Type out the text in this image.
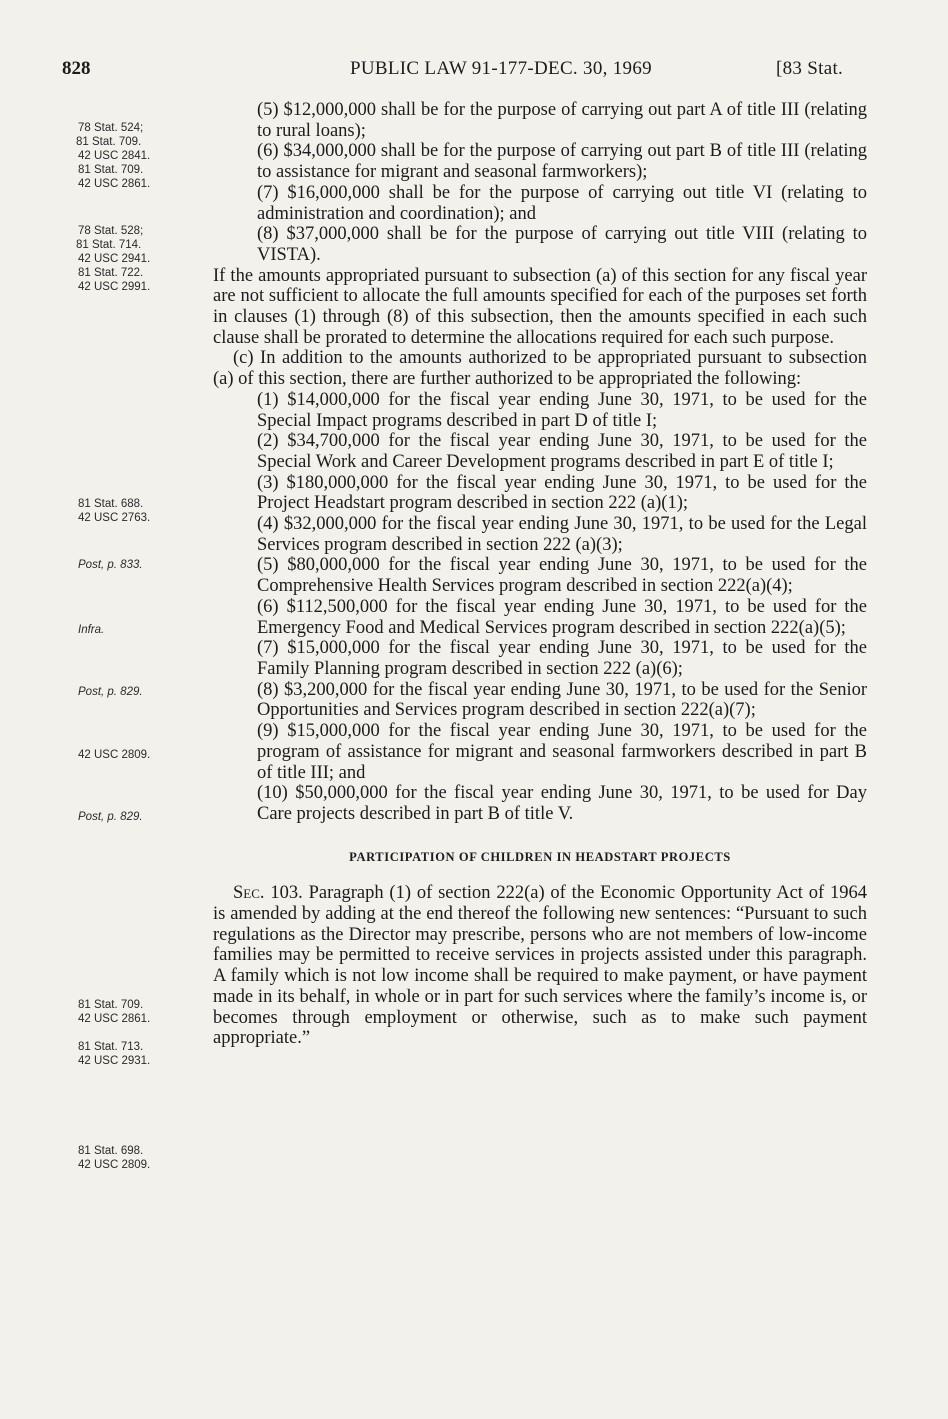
828	PUBLIC LAW 91-177-DEC. 30, 1969	[83 Stat.
78 Stat. 524;
81 Stat. 709.
42 USC 2841.
81 Stat. 709.
42 USC 2861.
78 Stat. 528;
81 Stat. 714.
42 USC 2941.
81 Stat. 722.
42 USC 2991.
81 Stat. 688.
42 USC 2763.
Post, p. 833.
Infra.
Post, p. 829.
42 USC 2809.
Post, p. 829.
81 Stat. 709.
42 USC 2861.
81 Stat. 713.
42 USC 2931.
81 Stat. 698.
42 USC 2809.

(5) $12,000,000 shall be for the purpose of carrying out part A of title III (relating to rural loans);

(6) $34,000,000 shall be for the purpose of carrying out part B of title III (relating to assistance for migrant and seasonal farmworkers);

(7) $16,000,000 shall be for the purpose of carrying out title VI (relating to administration and coordination); and

(8) $37,000,000 shall be for the purpose of carrying out title VIII (relating to VISTA).

If the amounts appropriated pursuant to subsection (a) of this section for any fiscal year are not sufficient to allocate the full amounts specified for each of the purposes set forth in clauses (1) through (8) of this subsection, then the amounts specified in each such clause shall be prorated to determine the allocations required for each such purpose.

(c) In addition to the amounts authorized to be appropriated pursuant to subsection (a) of this section, there are further authorized to be appropriated the following:

(1) $14,000,000 for the fiscal year ending June 30, 1971, to be used for the Special Impact programs described in part D of title I;

(2) $34,700,000 for the fiscal year ending June 30, 1971, to be used for the Special Work and Career Development programs described in part E of title I;

(3) $180,000,000 for the fiscal year ending June 30, 1971, to be used for the Project Headstart program described in section 222 (a)(1);

(4) $32,000,000 for the fiscal year ending June 30, 1971, to be used for the Legal Services program described in section 222 (a)(3);

(5) $80,000,000 for the fiscal year ending June 30, 1971, to be used for the Comprehensive Health Services program described in section 222(a)(4);

(6) $112,500,000 for the fiscal year ending June 30, 1971, to be used for the Emergency Food and Medical Services program described in section 222(a)(5);

(7) $15,000,000 for the fiscal year ending June 30, 1971, to be used for the Family Planning program described in section 222 (a)(6);

(8) $3,200,000 for the fiscal year ending June 30, 1971, to be used for the Senior Opportunities and Services program described in section 222(a)(7);

(9) $15,000,000 for the fiscal year ending June 30, 1971, to be used for the program of assistance for migrant and seasonal farmworkers described in part B of title III; and

(10) $50,000,000 for the fiscal year ending June 30, 1971, to be used for Day Care projects described in part B of title V.

PARTICIPATION OF CHILDREN IN HEADSTART PROJECTS

Sec. 103. Paragraph (1) of section 222(a) of the Economic Opportunity Act of 1964 is amended by adding at the end thereof the following new sentences: “Pursuant to such regulations as the Director may prescribe, persons who are not members of low-income families may be permitted to receive services in projects assisted under this paragraph. A family which is not low income shall be required to make payment, or have payment made in its behalf, in whole or in part for such services where the family’s income is, or becomes through employment or otherwise, such as to make such payment appropriate.”
